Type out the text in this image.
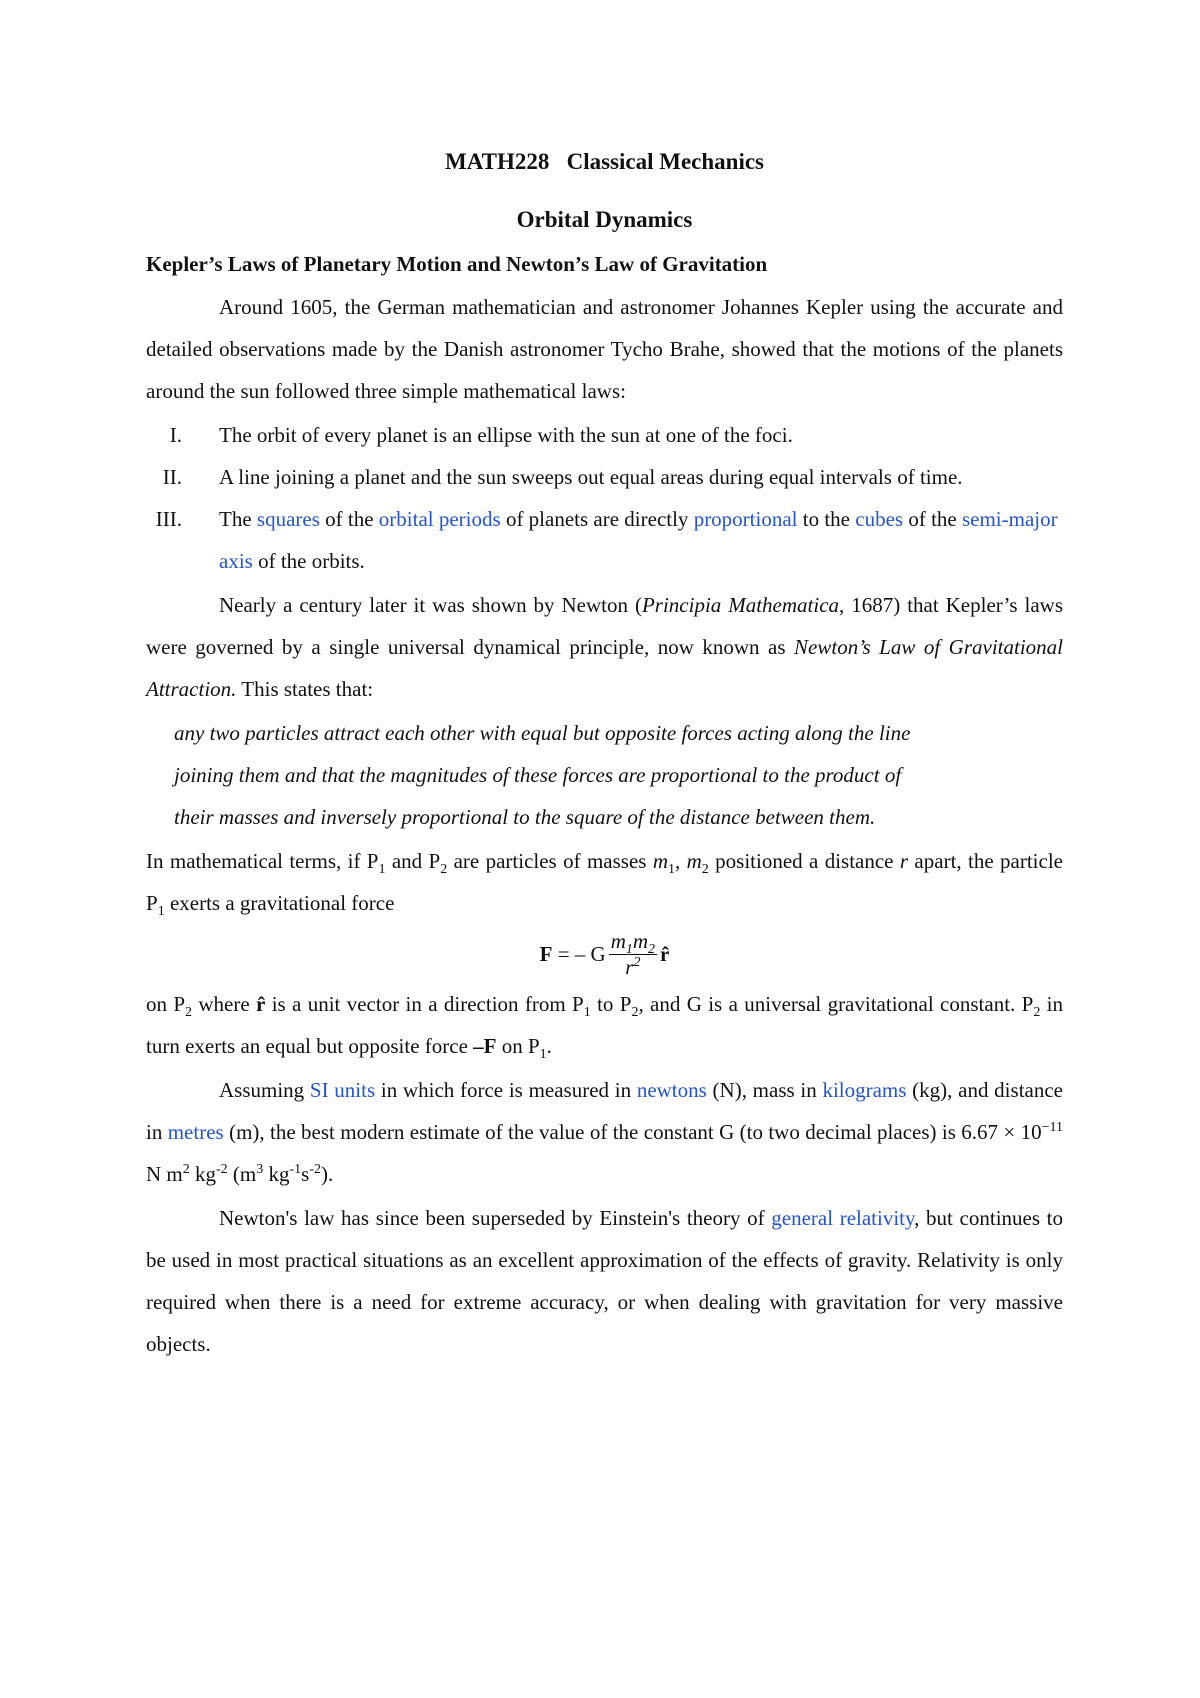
MATH228 Classical Mechanics
Orbital Dynamics
Kepler’s Laws of Planetary Motion and Newton’s Law of Gravitation

Around 1605, the German mathematician and astronomer Johannes Kepler using the accurate and detailed observations made by the Danish astronomer Tycho Brahe, showed that the motions of the planets around the sun followed three simple mathematical laws:

I. The orbit of every planet is an ellipse with the sun at one of the foci.
II. A line joining a planet and the sun sweeps out equal areas during equal intervals of time.
III. The squares of the orbital periods of planets are directly proportional to the cubes of the semi-major axis of the orbits.

Nearly a century later it was shown by Newton (Principia Mathematica, 1687) that Kepler’s laws were governed by a single universal dynamical principle, now known as Newton’s Law of Gravitational Attraction. This states that:

any two particles attract each other with equal but opposite forces acting along the line
joining them and that the magnitudes of these forces are proportional to the product of
their masses and inversely proportional to the square of the distance between them.

In mathematical terms, if $P_1$ and $P_2$ are particles of masses $m_1$, $m_2$ positioned a distance r apart, the particle $P_1$ exerts a gravitational force

F = – G $\frac{m_1m_2}{r^2}$ r̂

on $P_2$ where r̂ is a unit vector in a direction from $P_1$ to $P_2$, and G is a universal gravitational constant. $P_2$ in turn exerts an equal but opposite force –F on $P_1$.

Assuming SI units in which force is measured in newtons (N), mass in kilograms (kg), and distance in metres (m), the best modern estimate of the value of the constant G (to two decimal places) is $6.67 \times 10^{-11}$ N $m^2$ $kg^{-2}$ ($m^3$ $kg^{-1}s^{-2}$).

Newton's law has since been superseded by Einstein's theory of general relativity, but continues to be used in most practical situations as an excellent approximation of the effects of gravity. Relativity is only required when there is a need for extreme accuracy, or when dealing with gravitation for very massive objects.
